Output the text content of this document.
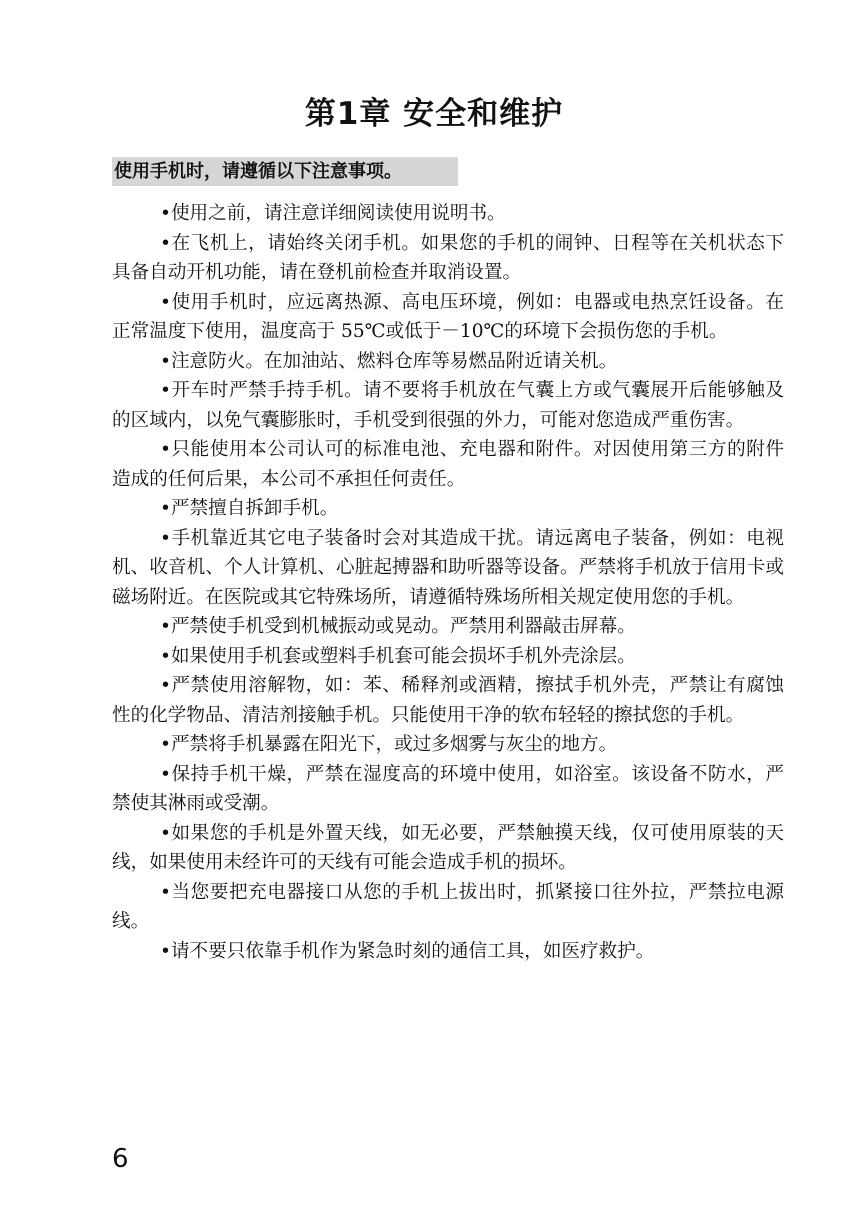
第1章 安全和维护
使用手机时，请遵循以下注意事项。
•使用之前，请注意详细阅读使用说明书。
•在飞机上，请始终关闭手机。如果您的手机的闹钟、日程等在关机状态下具备自动开机功能，请在登机前检查并取消设置。
•使用手机时，应远离热源、高电压环境，例如：电器或电热烹饪设备。在正常温度下使用，温度高于 55℃或低于－10℃的环境下会损伤您的手机。
•注意防火。在加油站、燃料仓库等易燃品附近请关机。
•开车时严禁手持手机。请不要将手机放在气囊上方或气囊展开后能够触及的区域内，以免气囊膨胀时，手机受到很强的外力，可能对您造成严重伤害。
•只能使用本公司认可的标准电池、充电器和附件。对因使用第三方的附件造成的任何后果，本公司不承担任何责任。
•严禁擅自拆卸手机。
•手机靠近其它电子装备时会对其造成干扰。请远离电子装备，例如：电视机、收音机、个人计算机、心脏起搏器和助听器等设备。严禁将手机放于信用卡或磁场附近。在医院或其它特殊场所，请遵循特殊场所相关规定使用您的手机。
•严禁使手机受到机械振动或晃动。严禁用利器敲击屏幕。
•如果使用手机套或塑料手机套可能会损坏手机外壳涂层。
•严禁使用溶解物，如：苯、稀释剂或酒精，擦拭手机外壳，严禁让有腐蚀性的化学物品、清洁剂接触手机。只能使用干净的软布轻轻的擦拭您的手机。
•严禁将手机暴露在阳光下，或过多烟雾与灰尘的地方。
•保持手机干燥，严禁在湿度高的环境中使用，如浴室。该设备不防水，严禁使其淋雨或受潮。
•如果您的手机是外置天线，如无必要，严禁触摸天线，仅可使用原装的天线，如果使用未经许可的天线有可能会造成手机的损坏。
•当您要把充电器接口从您的手机上拔出时，抓紧接口往外拉，严禁拉电源线。
•请不要只依靠手机作为紧急时刻的通信工具，如医疗救护。
6
